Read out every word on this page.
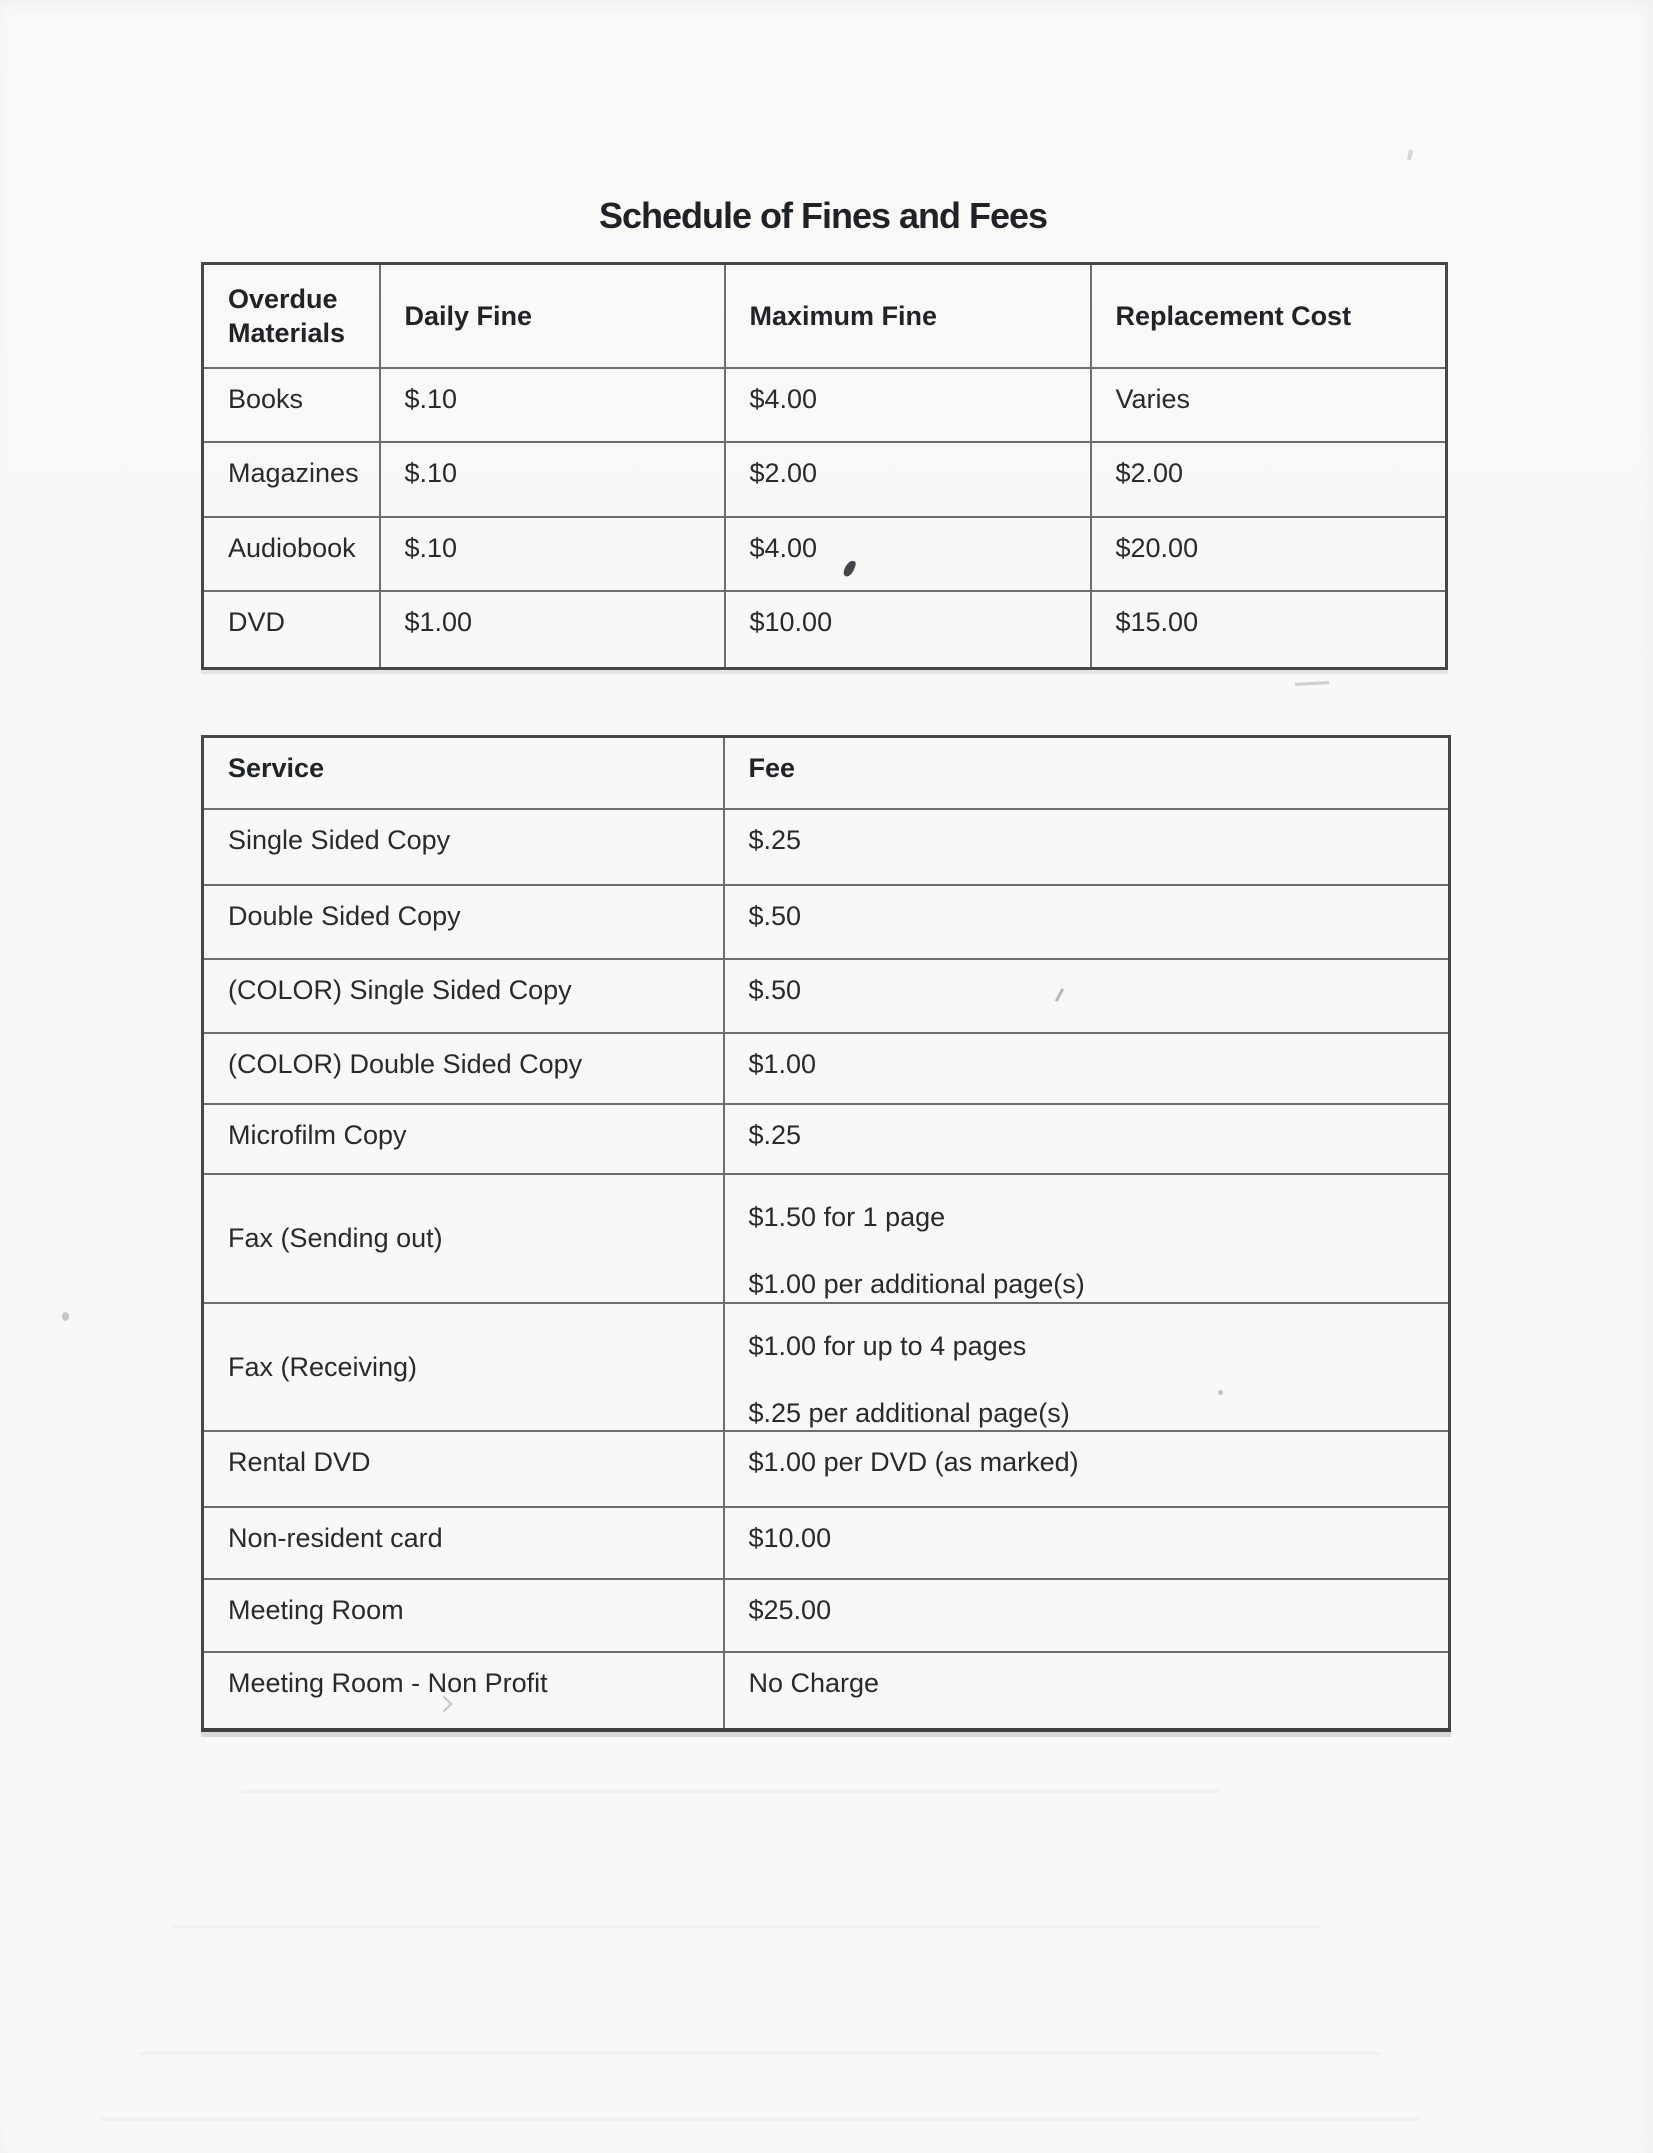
Schedule of Fines and Fees
Overdue Materials	Daily Fine	Maximum Fine	Replacement Cost
Books	$.10	$4.00	Varies
Magazines	$.10	$2.00	$2.00
Audiobook	$.10	$4.00	$20.00
DVD	$1.00	$10.00	$15.00
Service	Fee
Single Sided Copy	$.25
Double Sided Copy	$.50
(COLOR) Single Sided Copy	$.50
(COLOR) Double Sided Copy	$1.00
Microfilm Copy	$.25
Fax (Sending out)	$1.50 for 1 page

$1.00 per additional page(s)

Fax (Receiving)	$1.00 for up to 4 pages

$.25 per additional page(s)

Rental DVD	$1.00 per DVD (as marked)
Non-resident card	$10.00
Meeting Room	$25.00
Meeting Room - Non Profit	No Charge
